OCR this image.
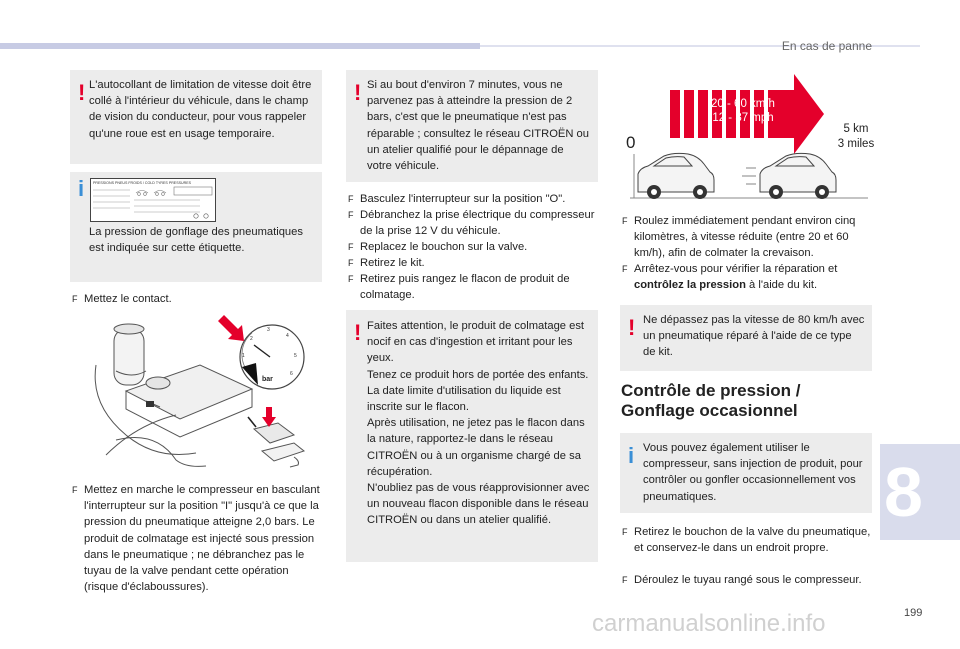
En cas de panne
199
8
carmanualsonline.info
! L'autocollant de limitation de vitesse doit être collé à l'intérieur du véhicule, dans le champ de vision du conducteur, pour vous rappeler qu'une roue est en usage temporaire.
i PRESSIONS PNEUS FROIDS / COLD TYRES PRESSURES
La pression de gonflage des pneumatiques est indiquée sur cette étiquette.
F Mettez le contact.
1
2
3
4
5
6
bar
F Mettez en marche le compresseur en basculant l'interrupteur sur la position "I" jusqu'à ce que la pression du pneumatique atteigne 2,0 bars. Le produit de colmatage est injecté sous pression dans le pneumatique ; ne débranchez pas le tuyau de la valve pendant cette opération (risque d'éclaboussures).
! Si au bout d'environ 7 minutes, vous ne parvenez pas à atteindre la pression de 2 bars, c'est que le pneumatique n'est pas réparable ; consultez le réseau CITROËN ou un atelier qualifié pour le dépannage de votre véhicule.
F Basculez l'interrupteur sur la position "O".
F Débranchez la prise électrique du compresseur de la prise 12 V du véhicule.
F Replacez le bouchon sur la valve.
F Retirez le kit.
F Retirez puis rangez le flacon de produit de colmatage.
! Faites attention, le produit de colmatage est nocif en cas d'ingestion et irritant pour les yeux.
Tenez ce produit hors de portée des enfants.
La date limite d'utilisation du liquide est inscrite sur le flacon.
Après utilisation, ne jetez pas le flacon dans la nature, rapportez-le dans le réseau CITROËN ou à un organisme chargé de sa récupération.
N'oubliez pas de vous réapprovisionner avec un nouveau flacon disponible dans le réseau CITROËN ou dans un atelier qualifié.
20 - 60 km/h
12 - 37 mph
0
5 km
3 miles
F Roulez immédiatement pendant environ cinq kilomètres, à vitesse réduite (entre 20 et 60 km/h), afin de colmater la crevaison.
F Arrêtez-vous pour vérifier la réparation et contrôlez la pression à l'aide du kit.
! Ne dépassez pas la vitesse de 80 km/h avec un pneumatique réparé à l'aide de ce type de kit.
Contrôle de pression / Gonflage occasionnel
i Vous pouvez également utiliser le compresseur, sans injection de produit, pour contrôler ou gonfler occasionnellement vos pneumatiques.
F Retirez le bouchon de la valve du pneumatique, et conservez-le dans un endroit propre.
F Déroulez le tuyau rangé sous le compresseur.
